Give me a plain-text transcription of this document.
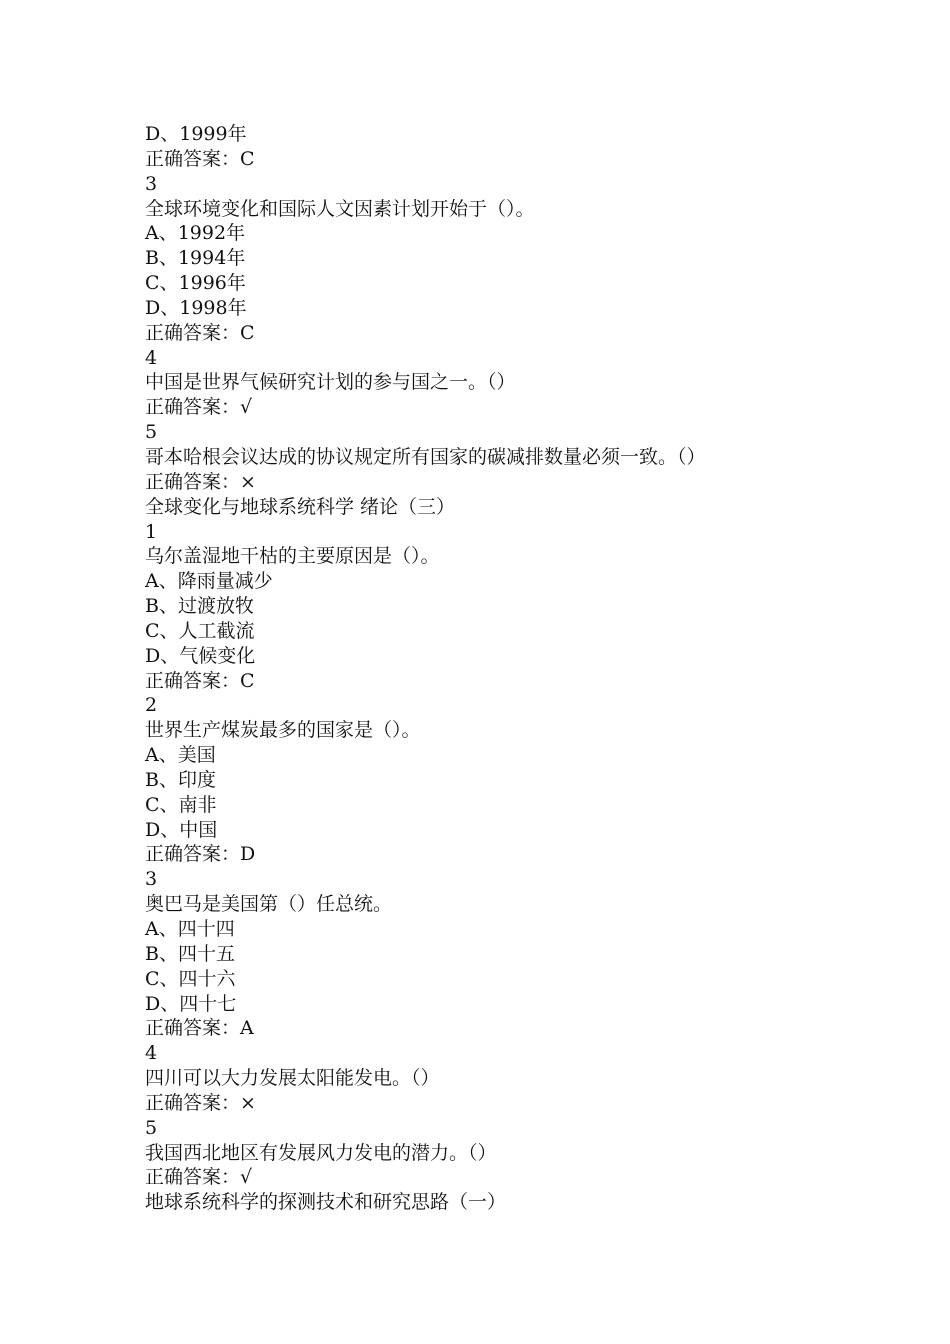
D、1999年
正确答案：C
3
全球环境变化和国际人文因素计划开始于（）。
A、1992年
B、1994年
C、1996年
D、1998年
正确答案：C
4
中国是世界气候研究计划的参与国之一。（）
正确答案：√
5
哥本哈根会议达成的协议规定所有国家的碳减排数量必须一致。（）
正确答案：×
全球变化与地球系统科学 绪论（三）
1
乌尔盖湿地干枯的主要原因是（）。
A、降雨量减少
B、过渡放牧
C、人工截流
D、气候变化
正确答案：C
2
世界生产煤炭最多的国家是（）。
A、美国
B、印度
C、南非
D、中国
正确答案：D
3
奥巴马是美国第（）任总统。
A、四十四
B、四十五
C、四十六
D、四十七
正确答案：A
4
四川可以大力发展太阳能发电。（）
正确答案：×
5
我国西北地区有发展风力发电的潜力。（）
正确答案：√
地球系统科学的探测技术和研究思路（一）
